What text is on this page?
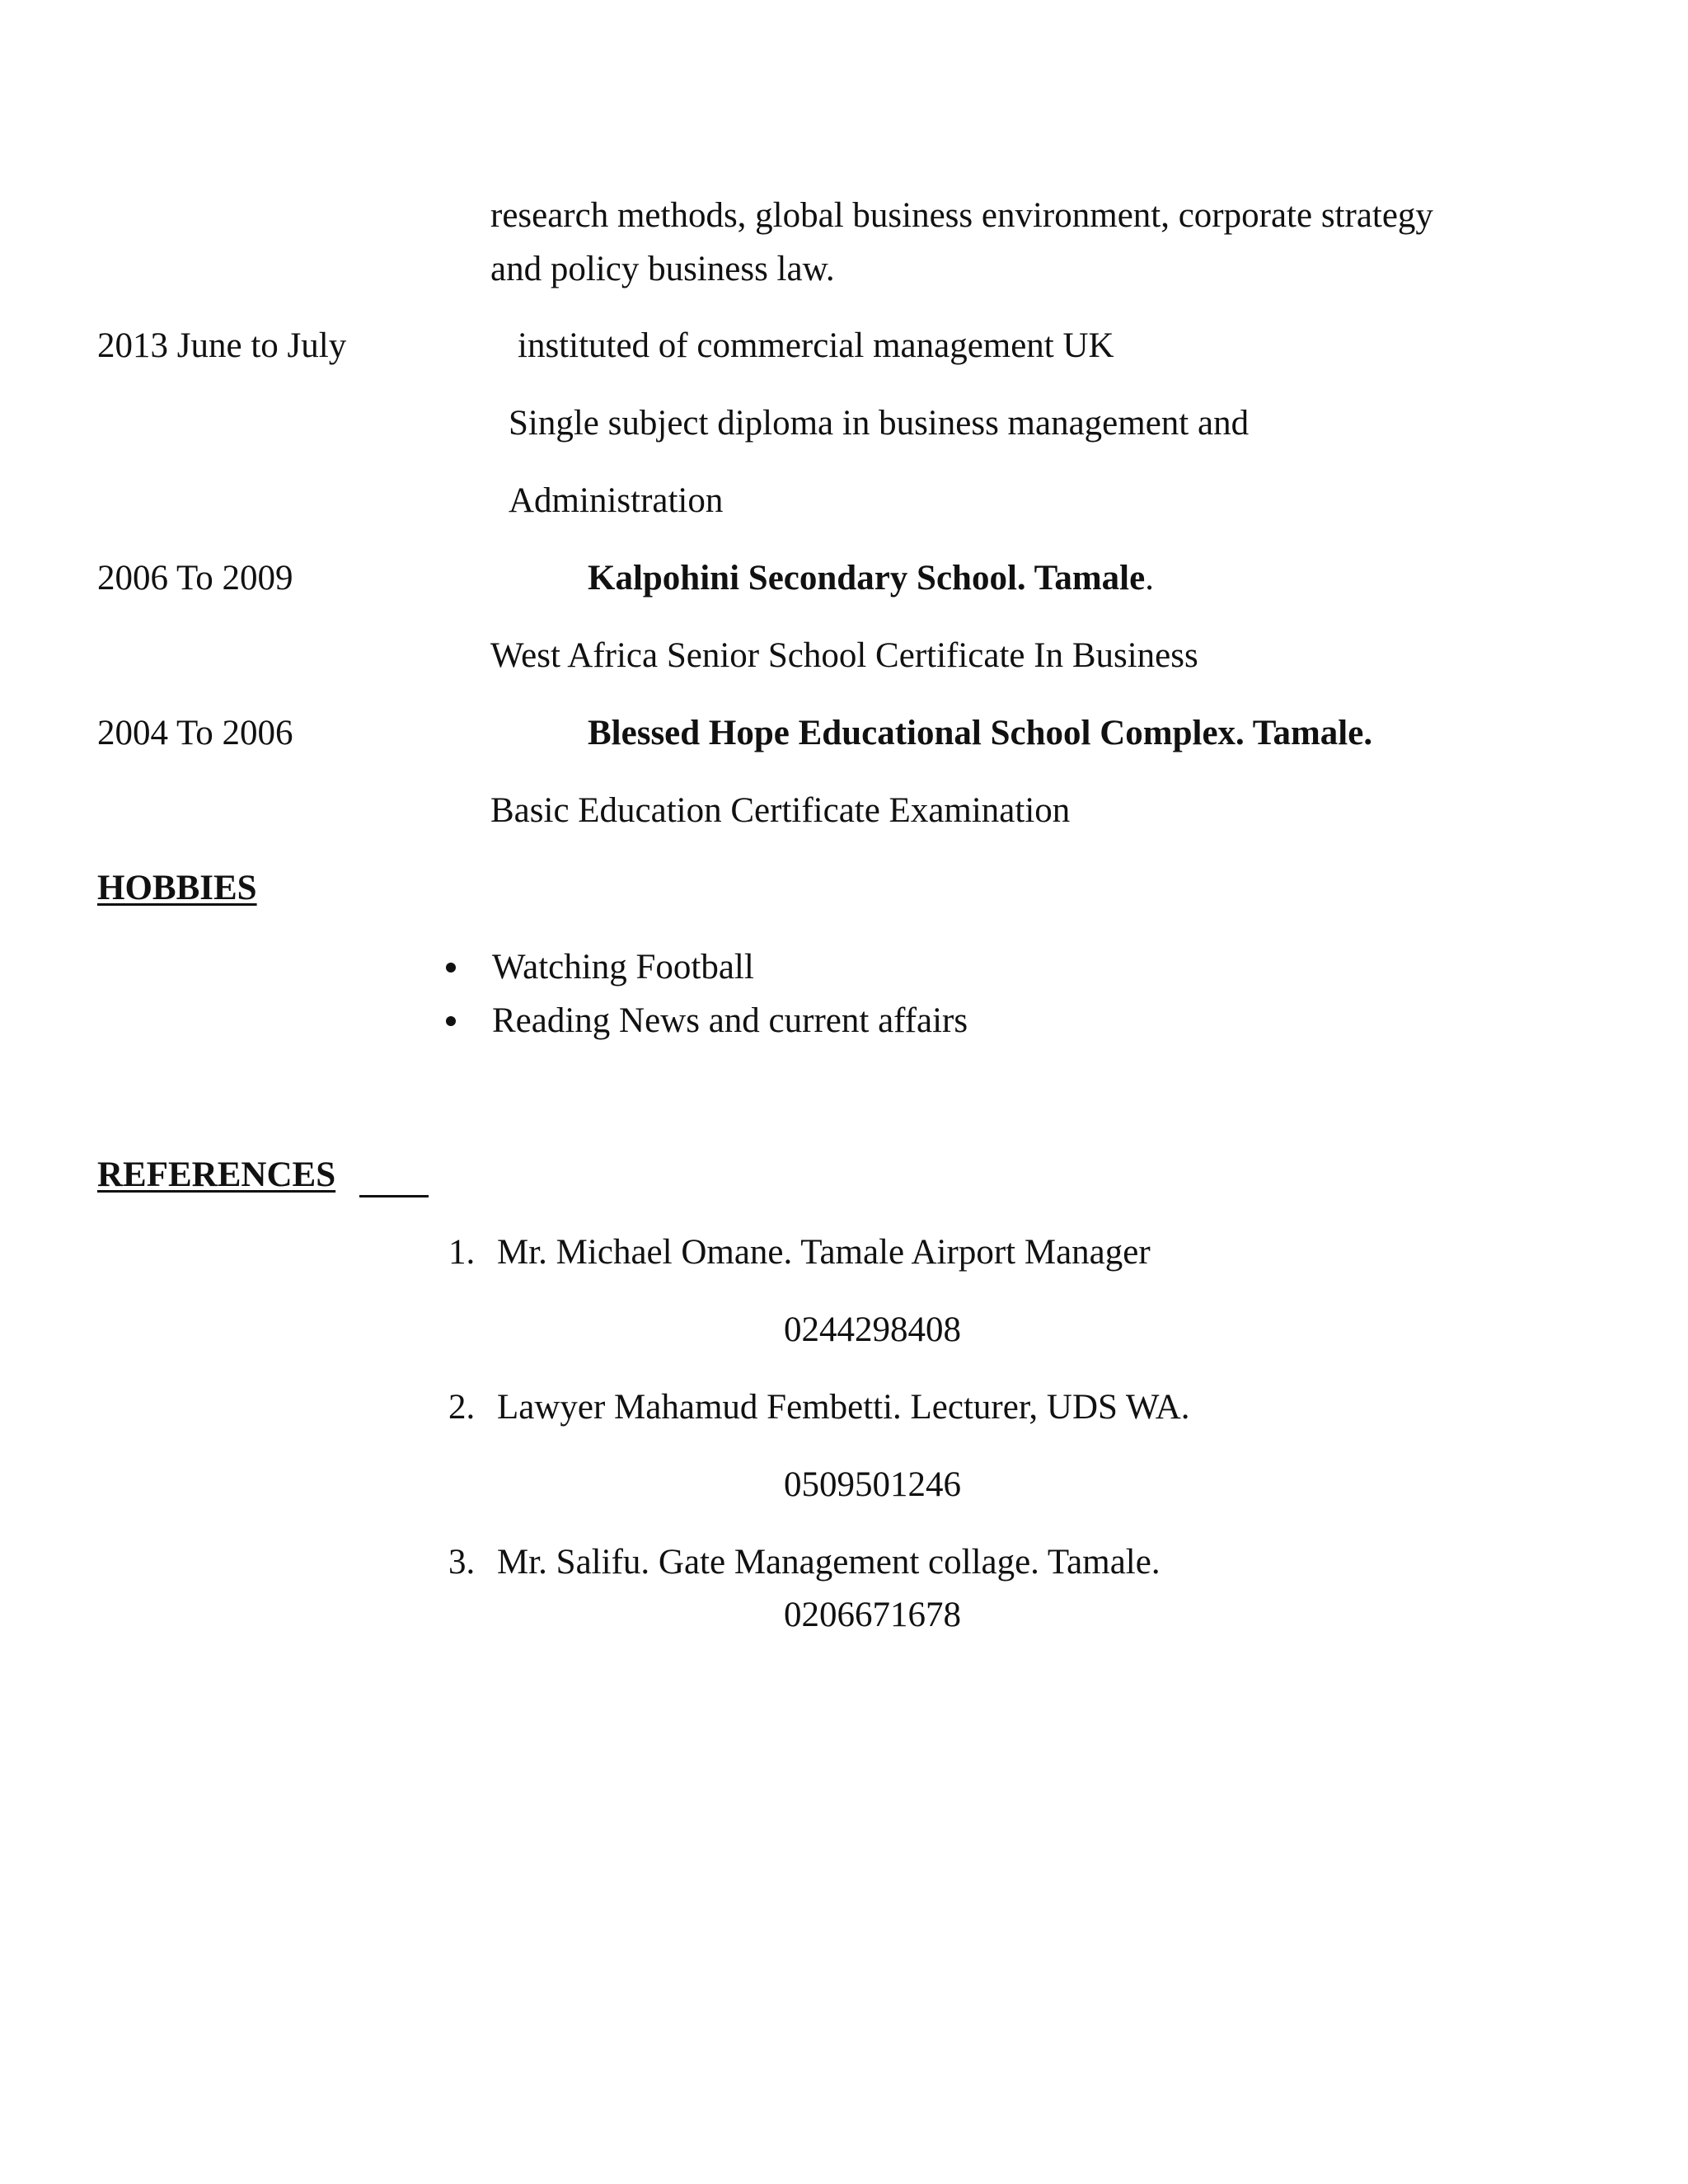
research methods, global business environment, corporate strategy
and policy business law.
2013 June to July	instituted of commercial management UK
Single subject diploma in business management and
Administration
2006 To 2009	Kalpohini Secondary School. Tamale.
West Africa Senior School Certificate In Business
2004 To 2006	Blessed Hope Educational School Complex. Tamale.
Basic Education Certificate Examination
HOBBIES
Watching Football
Reading News and current affairs
REFERENCES
1. Mr. Michael Omane. Tamale Airport Manager
0244298408
2. Lawyer Mahamud Fembetti. Lecturer, UDS WA.
0509501246
3. Mr. Salifu. Gate Management collage. Tamale.
0206671678
